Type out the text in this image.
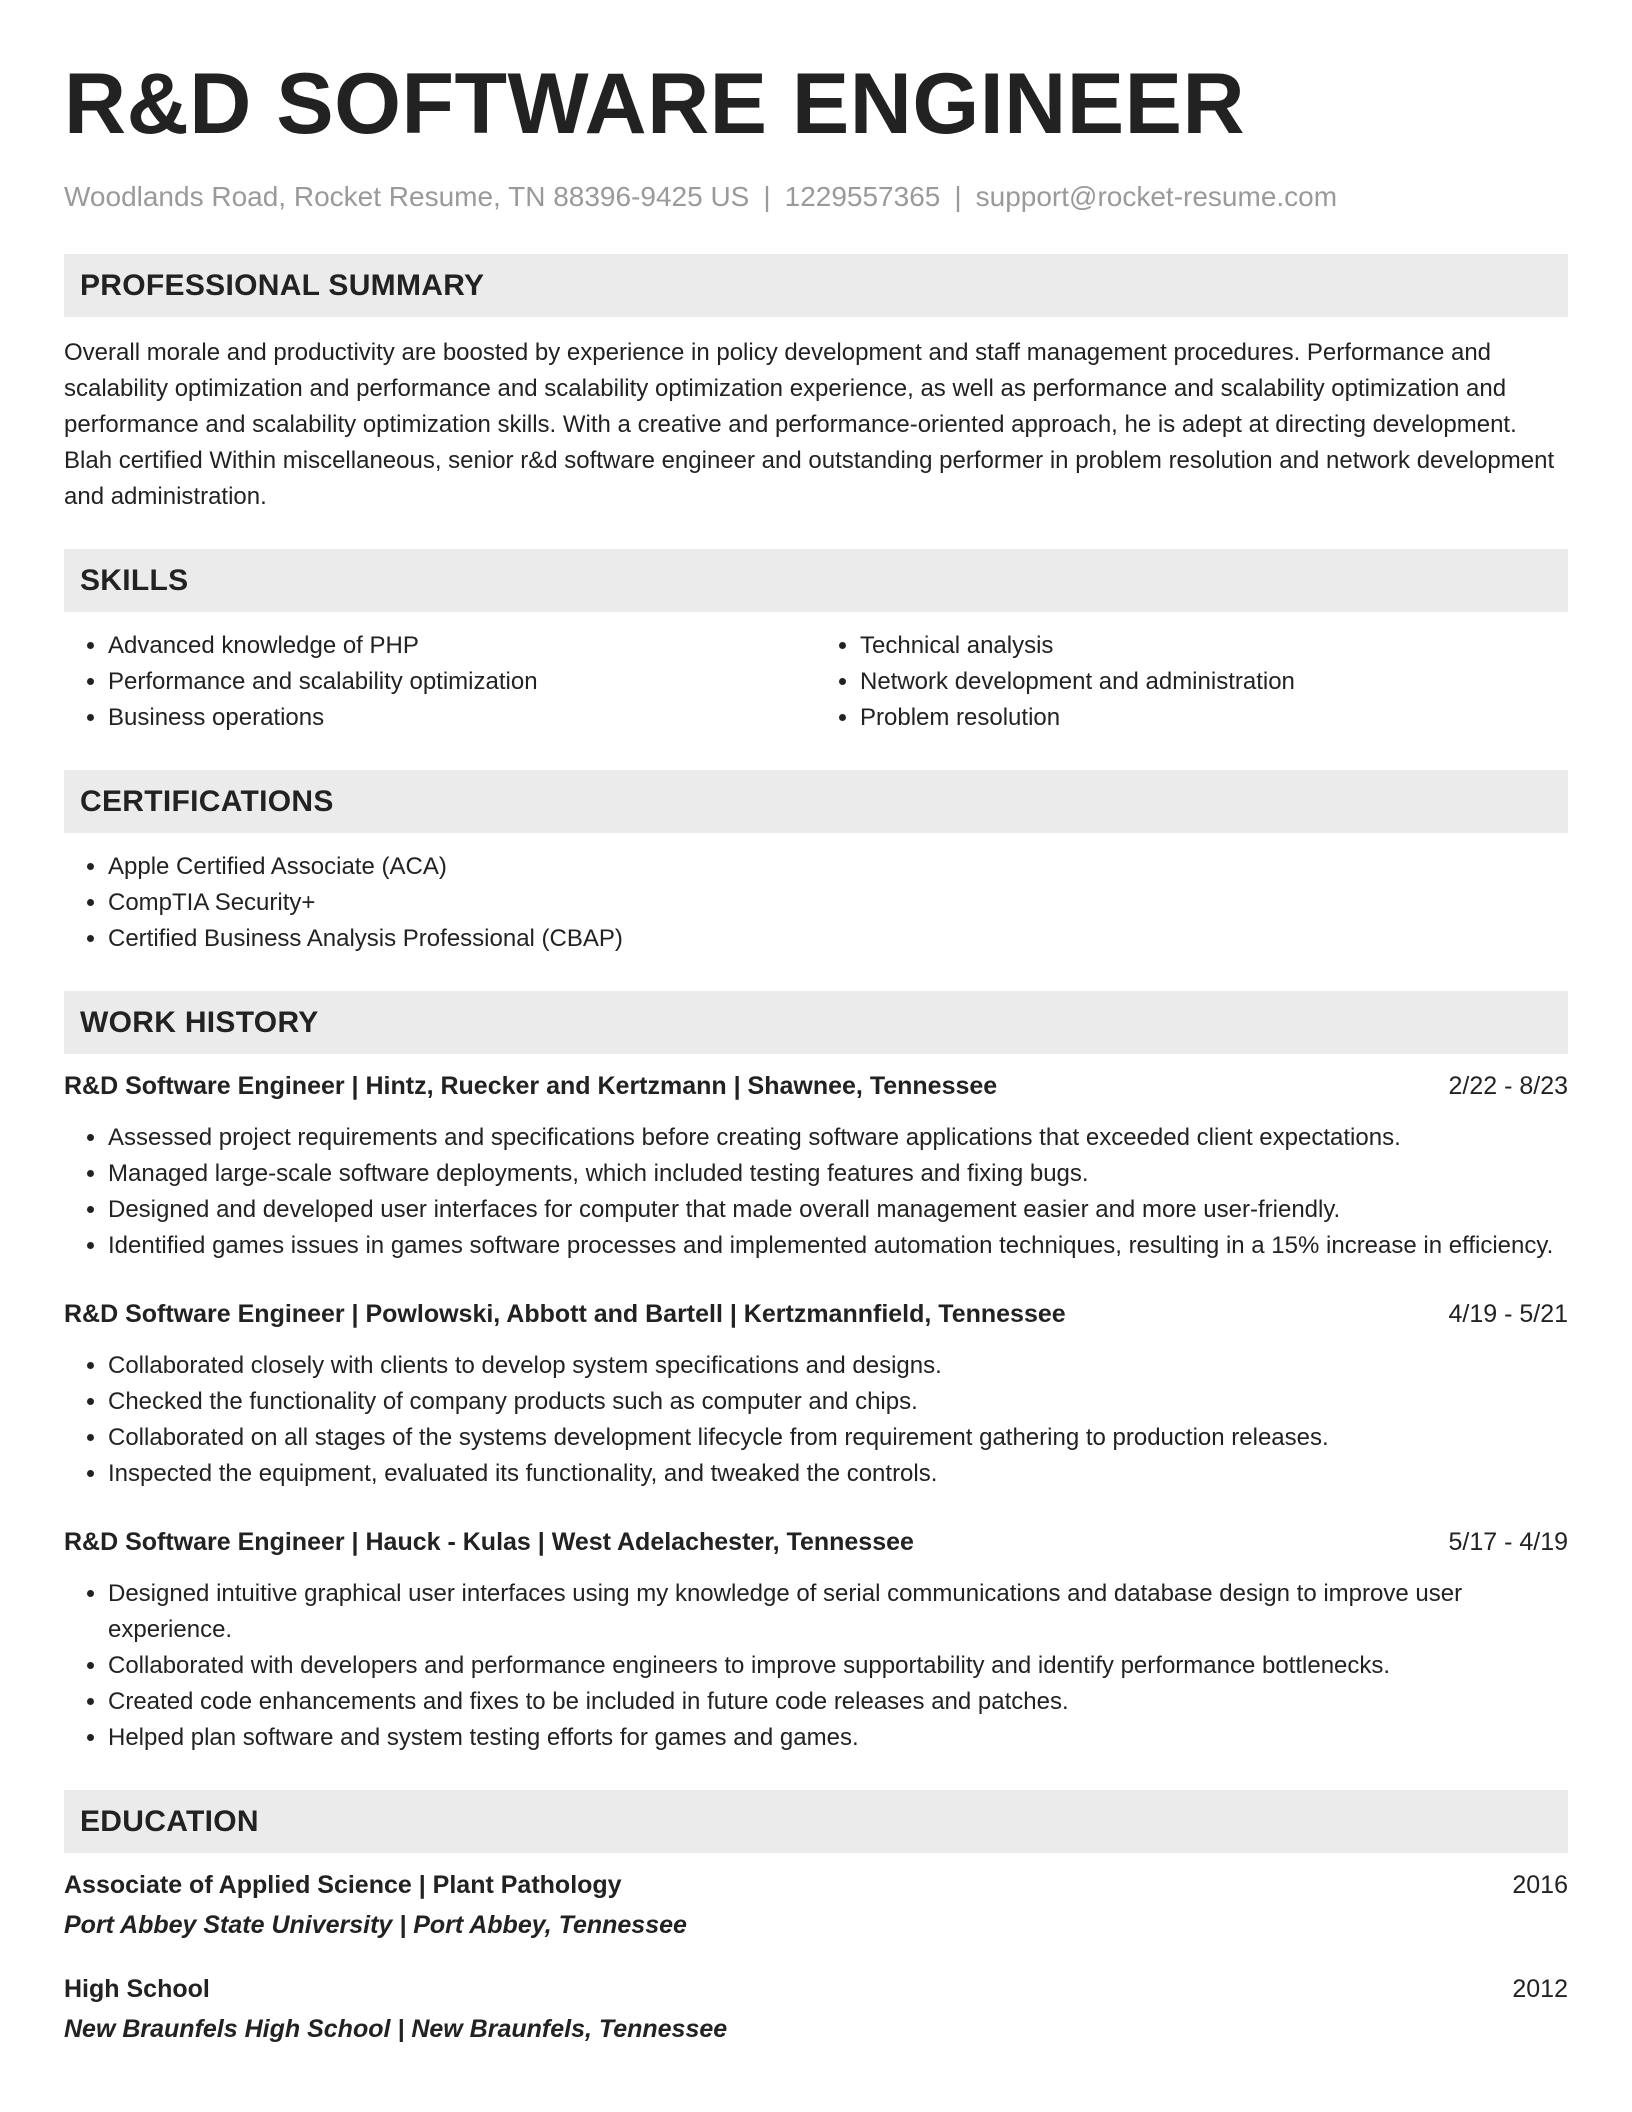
R&D SOFTWARE ENGINEER
Woodlands Road, Rocket Resume, TN 88396-9425 US | 1229557365 | support@rocket-resume.com
PROFESSIONAL SUMMARY
Overall morale and productivity are boosted by experience in policy development and staff management procedures. Performance and scalability optimization and performance and scalability optimization experience, as well as performance and scalability optimization and performance and scalability optimization skills. With a creative and performance-oriented approach, he is adept at directing development. Blah certified Within miscellaneous, senior r&d software engineer and outstanding performer in problem resolution and network development and administration.
SKILLS
• Advanced knowledge of PHP
• Performance and scalability optimization
• Business operations
• Technical analysis
• Network development and administration
• Problem resolution
CERTIFICATIONS
• Apple Certified Associate (ACA)
• CompTIA Security+
• Certified Business Analysis Professional (CBAP)
WORK HISTORY
R&D Software Engineer | Hintz, Ruecker and Kertzmann | Shawnee, Tennessee	2/22 - 8/23
• Assessed project requirements and specifications before creating software applications that exceeded client expectations.
• Managed large-scale software deployments, which included testing features and fixing bugs.
• Designed and developed user interfaces for computer that made overall management easier and more user-friendly.
• Identified games issues in games software processes and implemented automation techniques, resulting in a 15% increase in efficiency.
R&D Software Engineer | Powlowski, Abbott and Bartell | Kertzmannfield, Tennessee	4/19 - 5/21
• Collaborated closely with clients to develop system specifications and designs.
• Checked the functionality of company products such as computer and chips.
• Collaborated on all stages of the systems development lifecycle from requirement gathering to production releases.
• Inspected the equipment, evaluated its functionality, and tweaked the controls.
R&D Software Engineer | Hauck - Kulas | West Adelachester, Tennessee	5/17 - 4/19
• Designed intuitive graphical user interfaces using my knowledge of serial communications and database design to improve user experience.
• Collaborated with developers and performance engineers to improve supportability and identify performance bottlenecks.
• Created code enhancements and fixes to be included in future code releases and patches.
• Helped plan software and system testing efforts for games and games.
EDUCATION
Associate of Applied Science | Plant Pathology	2016
Port Abbey State University | Port Abbey, Tennessee
High School	2012
New Braunfels High School | New Braunfels, Tennessee
